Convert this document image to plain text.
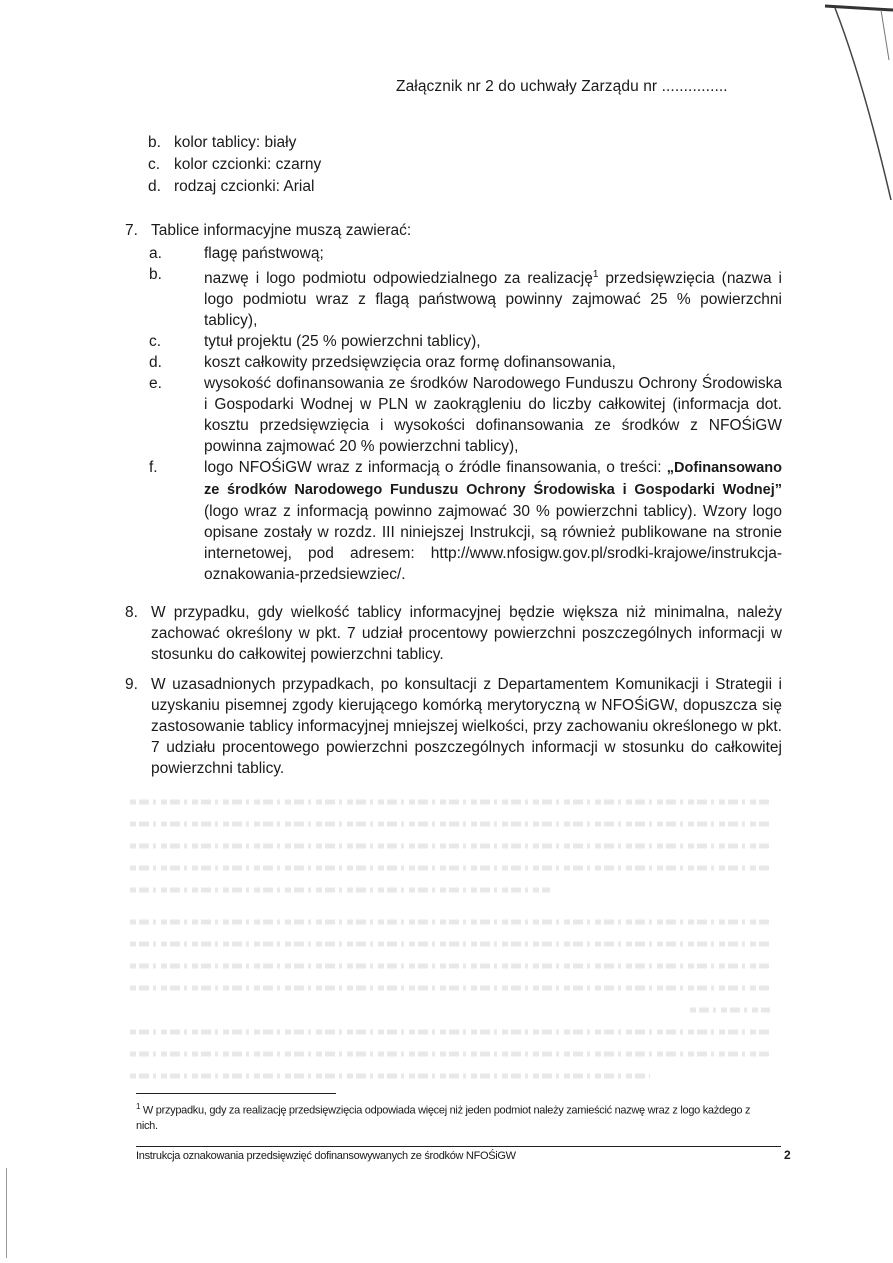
Załącznik nr 2 do uchwały Zarządu nr ...............
b. kolor tablicy: biały
c. kolor czcionki: czarny
d. rodzaj czcionki: Arial
7. Tablice informacyjne muszą zawierać:
a.	flagę państwową;
b.	nazwę i logo podmiotu odpowiedzialnego za realizację$^1$ przedsięwzięcia (nazwa i logo podmiotu wraz z flagą państwową powinny zajmować 25 % powierzchni tablicy),
c.	tytuł projektu (25 % powierzchni tablicy),
d.	koszt całkowity przedsięwzięcia oraz formę dofinansowania,
e.	wysokość dofinansowania ze środków Narodowego Funduszu Ochrony Środowiska i Gospodarki Wodnej w PLN w zaokrągleniu do liczby całkowitej (informacja dot. kosztu przedsięwzięcia i wysokości dofinansowania ze środków z NFOŚiGW powinna zajmować 20 % powierzchni tablicy),
f.	logo NFOŚiGW wraz z informacją o źródle finansowania, o treści: „Dofinansowano ze środków Narodowego Funduszu Ochrony Środowiska i Gospodarki Wodnej” (logo wraz z informacją powinno zajmować 30 % powierzchni tablicy). Wzory logo opisane zostały w rozdz. III niniejszej Instrukcji, są również publikowane na stronie internetowej, pod adresem: http://www.nfosigw.gov.pl/srodki-krajowe/instrukcja-oznakowania-przedsiewziec/.
8. W przypadku, gdy wielkość tablicy informacyjnej będzie większa niż minimalna, należy zachować określony w pkt. 7 udział procentowy powierzchni poszczególnych informacji w stosunku do całkowitej powierzchni tablicy.
9. W uzasadnionych przypadkach, po konsultacji z Departamentem Komunikacji i Strategii i uzyskaniu pisemnej zgody kierującego komórką merytoryczną w NFOŚiGW, dopuszcza się zastosowanie tablicy informacyjnej mniejszej wielkości, przy zachowaniu określonego w pkt. 7 udziału procentowego powierzchni poszczególnych informacji w stosunku do całkowitej powierzchni tablicy.
$^1$ W przypadku, gdy za realizację przedsięwzięcia odpowiada więcej niż jeden podmiot należy zamieścić nazwę wraz z logo każdego z nich.
Instrukcja oznakowania przedsięwzięć dofinansowywanych ze środków NFOŚiGW	2
